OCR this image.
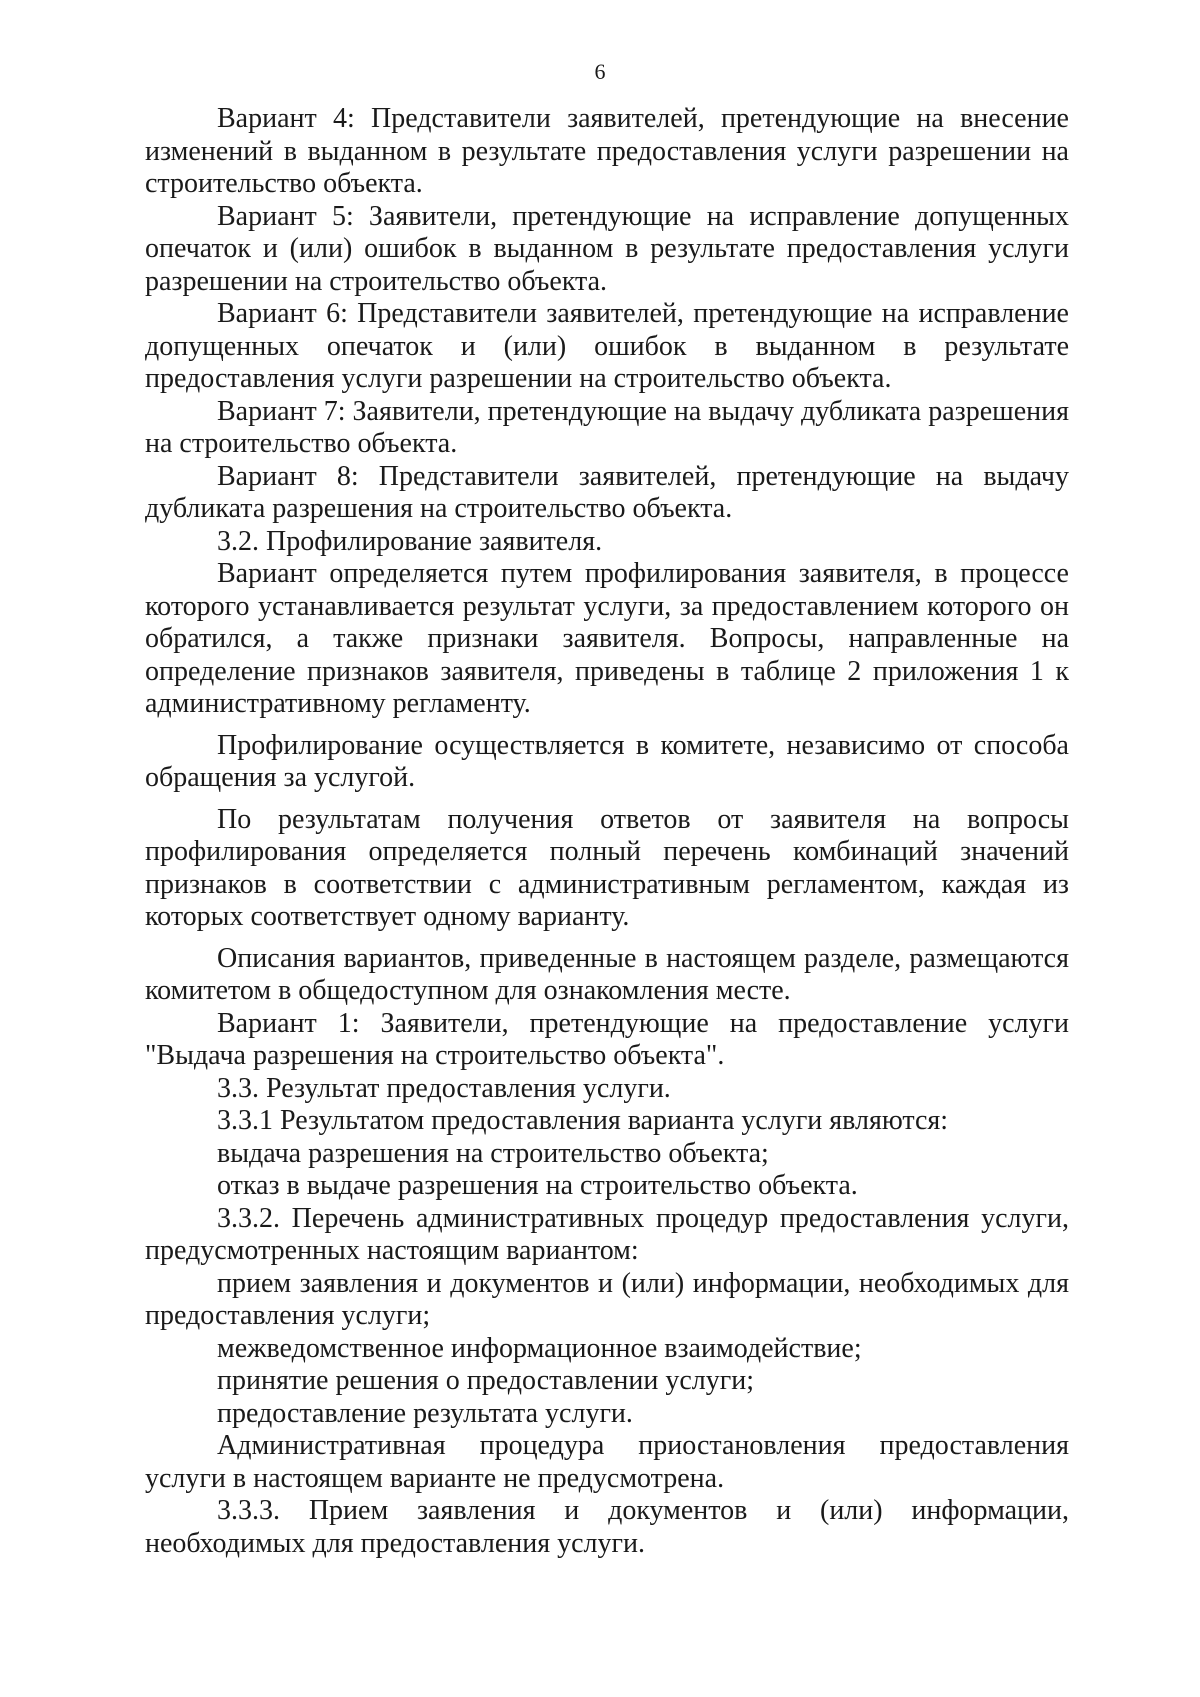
6

Вариант 4: Представители заявителей, претендующие на внесение изменений в выданном в результате предоставления услуги разрешении на строительство объекта.

Вариант 5: Заявители, претендующие на исправление допущенных опечаток и (или) ошибок в выданном в результате предоставления услуги разрешении на строительство объекта.

Вариант 6: Представители заявителей, претендующие на исправление допущенных опечаток и (или) ошибок в выданном в результате предоставления услуги разрешении на строительство объекта.

Вариант 7: Заявители, претендующие на выдачу дубликата разрешения на строительство объекта.

Вариант 8: Представители заявителей, претендующие на выдачу дубликата разрешения на строительство объекта.

3.2. Профилирование заявителя.

Вариант определяется путем профилирования заявителя, в процессе которого устанавливается результат услуги, за предоставлением которого он обратился, а также признаки заявителя. Вопросы, направленные на определение признаков заявителя, приведены в таблице 2 приложения 1 к административному регламенту.

Профилирование осуществляется в комитете, независимо от способа обращения за услугой.

По результатам получения ответов от заявителя на вопросы профилирования определяется полный перечень комбинаций значений признаков в соответствии с административным регламентом, каждая из которых соответствует одному варианту.

Описания вариантов, приведенные в настоящем разделе, размещаются комитетом в общедоступном для ознакомления месте.

Вариант 1: Заявители, претендующие на предоставление услуги "Выдача разрешения на строительство объекта".

3.3. Результат предоставления услуги.

3.3.1 Результатом предоставления варианта услуги являются:

выдача разрешения на строительство объекта;

отказ в выдаче разрешения на строительство объекта.

3.3.2. Перечень административных процедур предоставления услуги, предусмотренных настоящим вариантом:

прием заявления и документов и (или) информации, необходимых для предоставления услуги;

межведомственное информационное взаимодействие;

принятие решения о предоставлении услуги;

предоставление результата услуги.

Административная процедура приостановления предоставления услуги в настоящем варианте не предусмотрена.

3.3.3. Прием заявления и документов и (или) информации, необходимых для предоставления услуги.
